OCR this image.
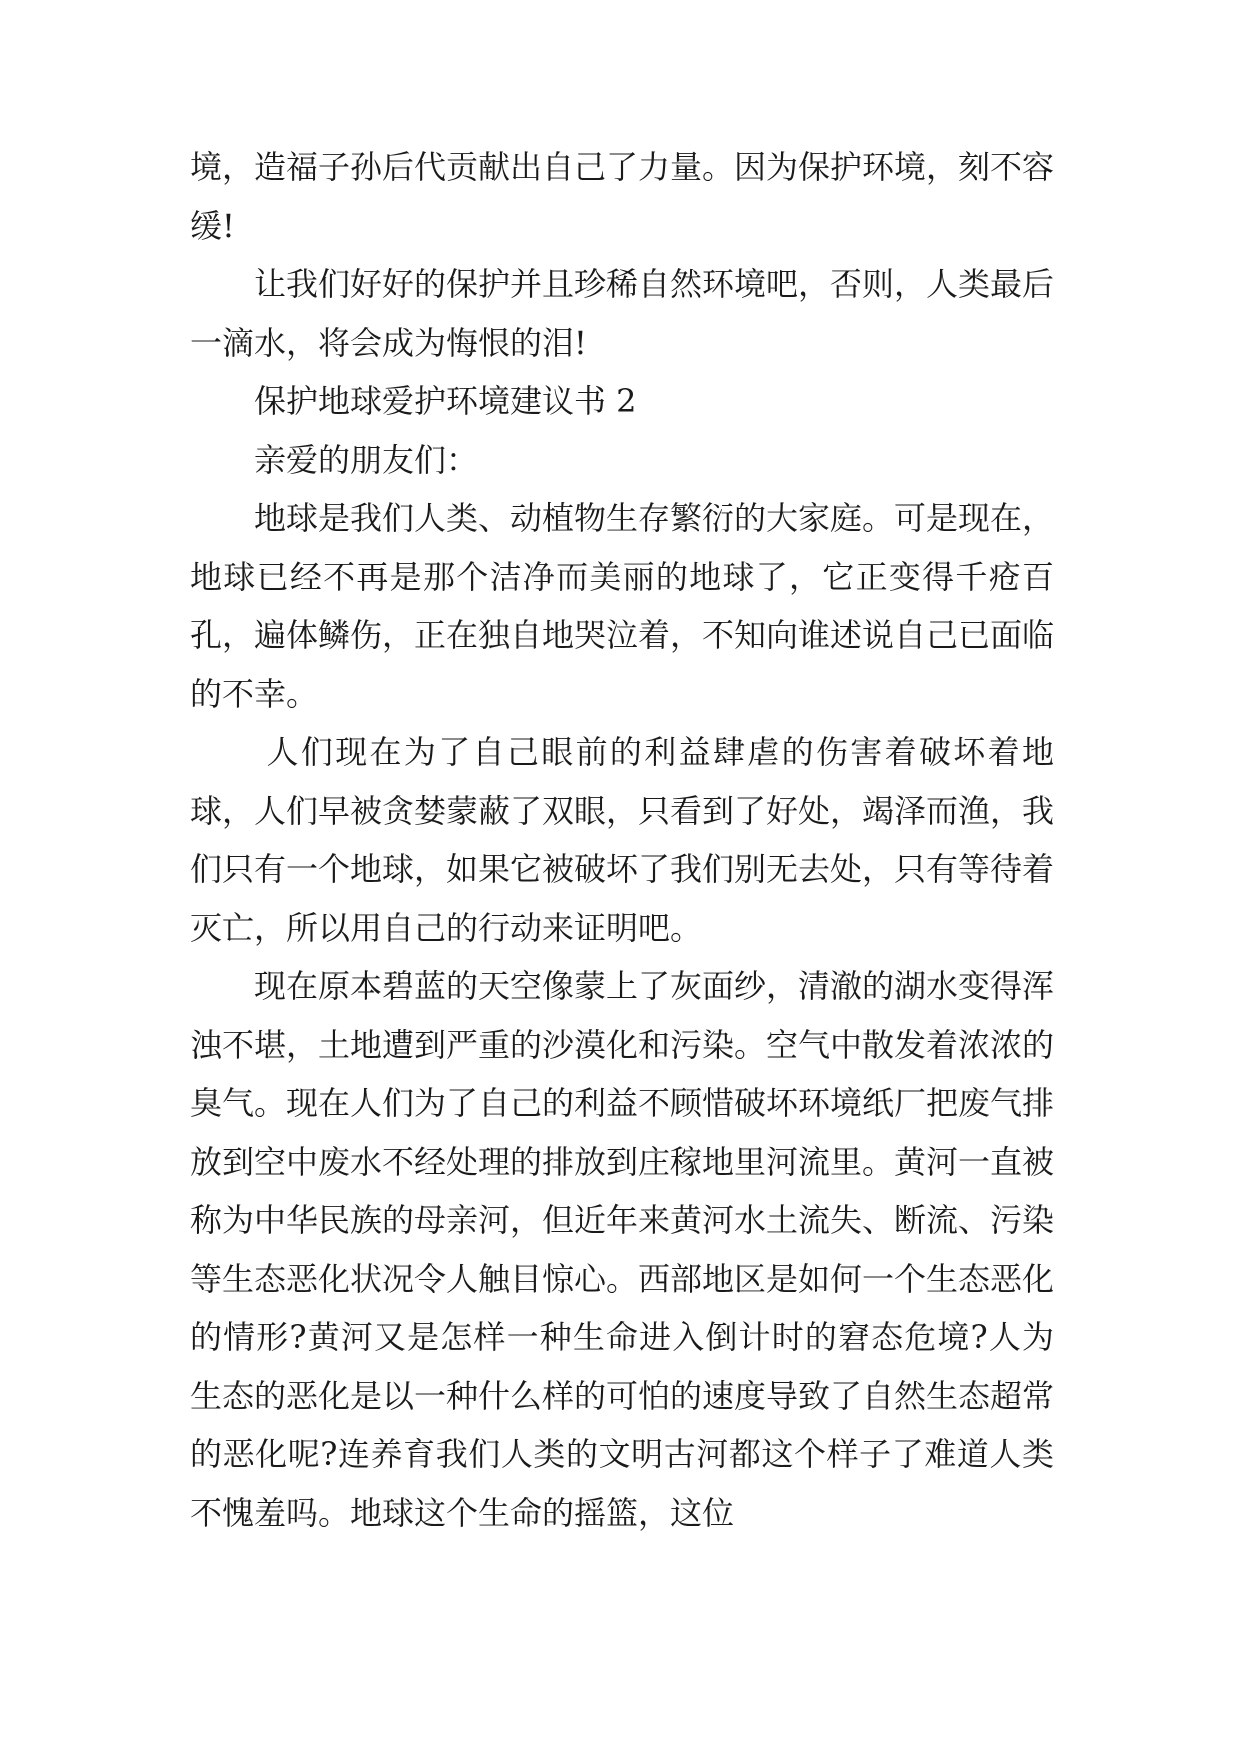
境，造福子孙后代贡献出自己了力量。因为保护环境，刻不容缓!

让我们好好的保护并且珍稀自然环境吧，否则，人类最后一滴水，将会成为悔恨的泪!

保护地球爱护环境建议书 2

亲爱的朋友们：

地球是我们人类、动植物生存繁衍的大家庭。可是现在，地球已经不再是那个洁净而美丽的地球了，它正变得千疮百孔，遍体鳞伤，正在独自地哭泣着，不知向谁述说自己已面临的不幸。

人们现在为了自己眼前的利益肆虐的伤害着破坏着地球，人们早被贪婪蒙蔽了双眼，只看到了好处，竭泽而渔，我们只有一个地球，如果它被破坏了我们别无去处，只有等待着灭亡，所以用自己的行动来证明吧。

现在原本碧蓝的天空像蒙上了灰面纱，清澈的湖水变得浑浊不堪，土地遭到严重的沙漠化和污染。空气中散发着浓浓的臭气。现在人们为了自己的利益不顾惜破坏环境纸厂把废气排放到空中废水不经处理的排放到庄稼地里河流里。黄河一直被称为中华民族的母亲河，但近年来黄河水土流失、断流、污染等生态恶化状况令人触目惊心。西部地区是如何一个生态恶化的情形?黄河又是怎样一种生命进入倒计时的窘态危境?人为生态的恶化是以一种什么样的可怕的速度导致了自然生态超常的恶化呢?连养育我们人类的文明古河都这个样子了难道人类不愧羞吗。地球这个生命的摇篮，这位
